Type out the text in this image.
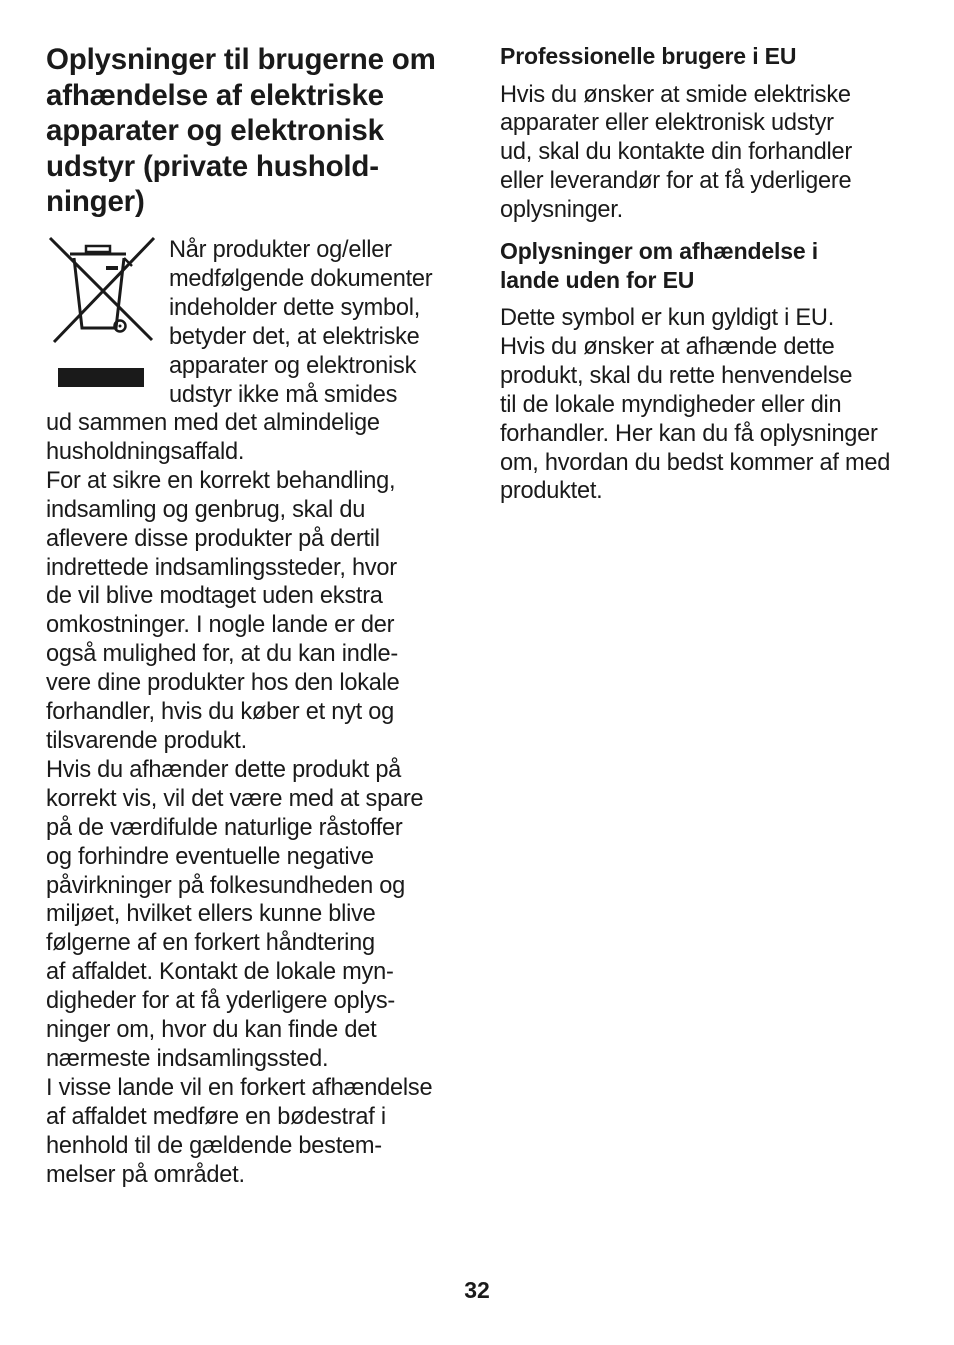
Oplysninger til brugerne om
afhændelse af elektriske
apparater og elektronisk
udstyr (private hushold-
ninger)

Når produkter og/eller
medfølgende dokumenter
indeholder dette symbol,
betyder det, at elektriske
apparater og elektronisk
udstyr ikke må smides

ud sammen med det almindelige
husholdningsaffald.
For at sikre en korrekt behandling,
indsamling og genbrug, skal du
aflevere disse produkter på dertil
indrettede indsamlingssteder, hvor
de vil blive modtaget uden ekstra
omkostninger. I nogle lande er der
også mulighed for, at du kan indle-
vere dine produkter hos den lokale
forhandler, hvis du køber et nyt og
tilsvarende produkt.
Hvis du afhænder dette produkt på
korrekt vis, vil det være med at spare
på de værdifulde naturlige råstoffer
og forhindre eventuelle negative
påvirkninger på folkesundheden og
miljøet, hvilket ellers kunne blive
følgerne af en forkert håndtering
af affaldet. Kontakt de lokale myn-
digheder for at få yderligere oplys-
ninger om, hvor du kan finde det
nærmeste indsamlingssted.
I visse lande vil en forkert afhændelse
af affaldet medføre en bødestraf i
henhold til de gældende bestem-
melser på området.

Professionelle brugere i EU

Hvis du ønsker at smide elektriske
apparater eller elektronisk udstyr
ud, skal du kontakte din forhandler
eller leverandør for at få yderligere
oplysninger.

Oplysninger om afhændelse i
lande uden for EU

Dette symbol er kun gyldigt i EU.
Hvis du ønsker at afhænde dette
produkt, skal du rette henvendelse
til de lokale myndigheder eller din
forhandler. Her kan du få oplysninger
om, hvordan du bedst kommer af med
produktet.

32
